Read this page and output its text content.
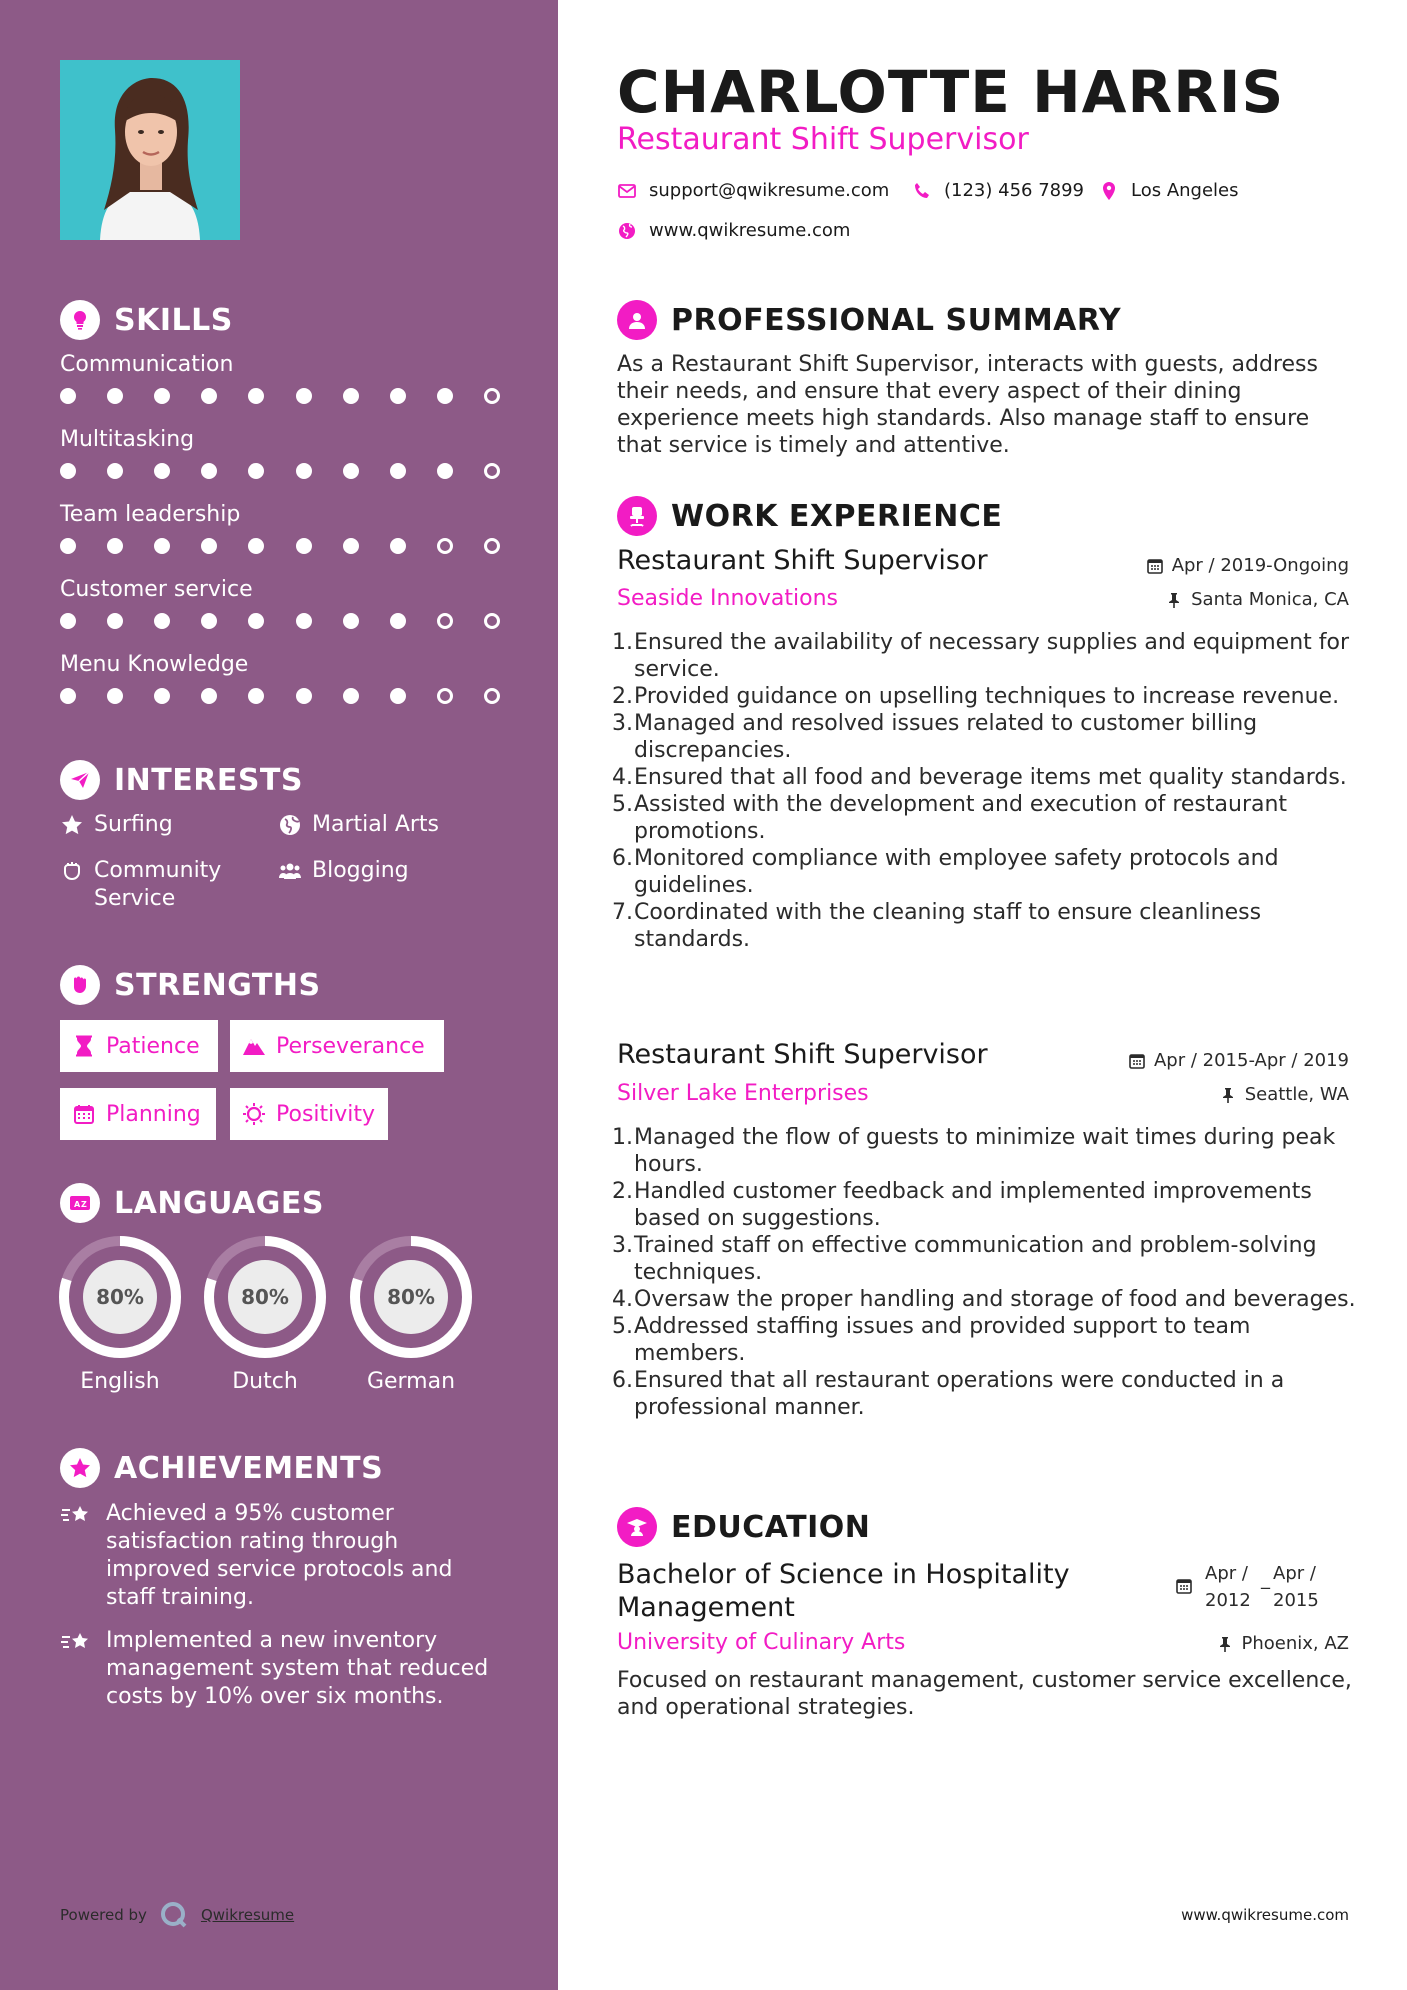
SKILLS
Communication
Multitasking
Team leadership
Customer service
Menu Knowledge
INTERESTS
Surfing	Martial Arts
Community Service
Blogging
STRENGTHS
Patience	Perseverance
Planning	Positivity
A Z LANGUAGES
80%
English
80%
Dutch
80%
German
ACHIEVEMENTS
Achieved a 95% customer satisfaction rating through improved service protocols and staff training.
Implemented a new inventory management system that reduced costs by 10% over six months.
Powered by	Qwikresume
CHARLOTTE HARRIS
Restaurant Shift Supervisor
support@qwikresume.com	(123) 456 7899	Los Angeles
www.qwikresume.com
PROFESSIONAL SUMMARY
As a Restaurant Shift Supervisor, interacts with guests, address their needs, and ensure that every aspect of their dining experience meets high standards. Also manage staff to ensure that service is timely and attentive.
WORK EXPERIENCE
Restaurant Shift Supervisor	Apr / 2019-Ongoing
Seaside Innovations	Santa Monica, CA
1. Ensured the availability of necessary supplies and equipment for service.
2. Provided guidance on upselling techniques to increase revenue.
3. Managed and resolved issues related to customer billing discrepancies.
4. Ensured that all food and beverage items met quality standards.
5. Assisted with the development and execution of restaurant promotions.
6. Monitored compliance with employee safety protocols and guidelines.
7. Coordinated with the cleaning staff to ensure cleanliness standards.
Restaurant Shift Supervisor	Apr / 2015-Apr / 2019
Silver Lake Enterprises	Seattle, WA
1. Managed the flow of guests to minimize wait times during peak hours.
2. Handled customer feedback and implemented improvements based on suggestions.
3. Trained staff on effective communication and problem-solving techniques.
4. Oversaw the proper handling and storage of food and beverages.
5. Addressed staffing issues and provided support to team members.
6. Ensured that all restaurant operations were conducted in a professional manner.
EDUCATION
Bachelor of Science in Hospitality Management
Apr / 2012
_ Apr / 2015
University of Culinary Arts	Phoenix, AZ
Focused on restaurant management, customer service excellence, and operational strategies.
www.qwikresume.com
